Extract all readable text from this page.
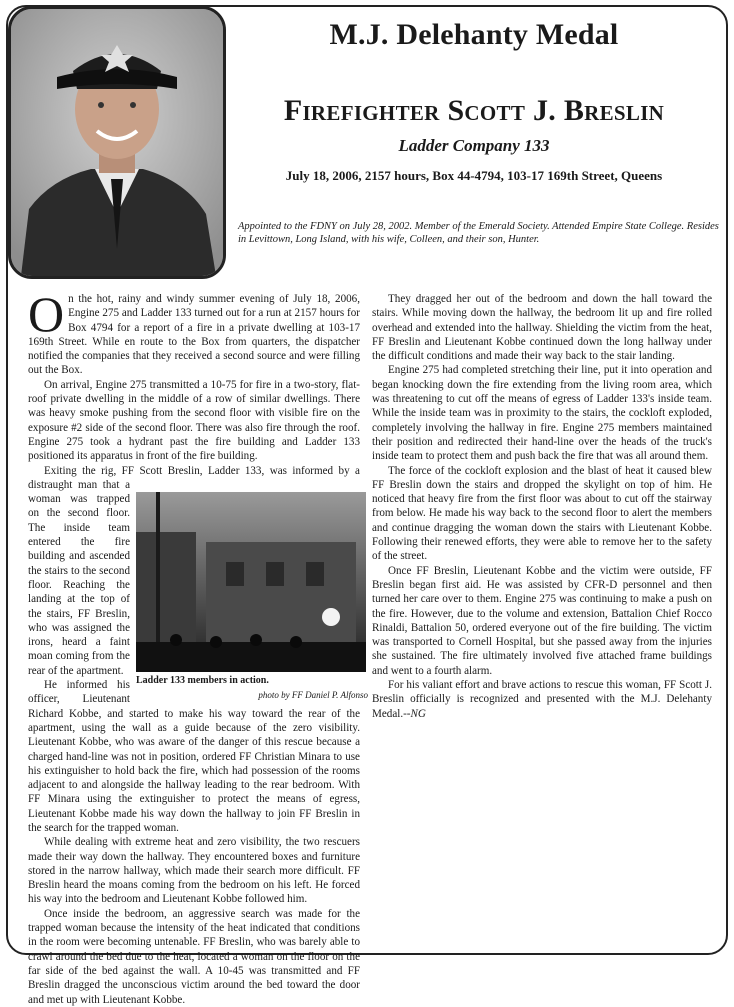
M.J. Delehanty Medal
Firefighter Scott J. Breslin
Ladder Company 133
July 18, 2006, 2157 hours, Box 44-4794, 103-17 169th Street, Queens
Appointed to the FDNY on July 28, 2002. Member of the Emerald Society. Attended Empire State College. Resides in Levittown, Long Island, with his wife, Colleen, and their son, Hunter.

On the hot, rainy and windy summer evening of July 18, 2006, Engine 275 and Ladder 133 turned out for a run at 2157 hours for Box 4794 for a report of a fire in a private dwelling at 103-17 169th Street. While en route to the Box from quarters, the dispatcher notified the companies that they received a second source and were filling out the Box.

On arrival, Engine 275 transmitted a 10-75 for fire in a two-story, flat-roof private dwelling in the middle of a row of similar dwellings. There was heavy smoke pushing from the second floor with visible fire on the exposure #2 side of the second floor. There was also fire through the roof. Engine 275 took a hydrant past the fire building and Ladder 133 positioned its apparatus in front of the fire building.

Ladder 133 members in action.
photo by FF Daniel P. Alfonso

Exiting the rig, FF Scott Breslin, Ladder 133, was informed by a distraught man that a woman was trapped on the second floor. The inside team entered the fire building and ascended the stairs to the second floor. Reaching the landing at the top of the stairs, FF Breslin, who was assigned the irons, heard a faint moan coming from the rear of the apartment.

He informed his officer, Lieutenant Richard Kobbe, and started to make his way toward the rear of the apartment, using the wall as a guide because of the zero visibility. Lieutenant Kobbe, who was aware of the danger of this rescue because a charged hand-line was not in position, ordered FF Christian Minara to use his extinguisher to hold back the fire, which had possession of the rooms adjacent to and alongside the hallway leading to the rear bedroom. With FF Minara using the extinguisher to protect the means of egress, Lieutenant Kobbe made his way down the hallway to join FF Breslin in the search for the trapped woman.

While dealing with extreme heat and zero visibility, the two rescuers made their way down the hallway. They encountered boxes and furniture stored in the narrow hallway, which made their search more difficult. FF Breslin heard the moans coming from the bedroom on his left. He forced his way into the bedroom and Lieutenant Kobbe followed him.

Once inside the bedroom, an aggressive search was made for the trapped woman because the intensity of the heat indicated that conditions in the room were becoming untenable. FF Breslin, who was barely able to crawl around the bed due to the heat, located a woman on the floor on the far side of the bed against the wall. A 10-45 was transmitted and FF Breslin dragged the unconscious victim around the bed toward the door and met up with Lieutenant Kobbe.

They dragged her out of the bedroom and down the hall toward the stairs. While moving down the hallway, the bedroom lit up and fire rolled overhead and extended into the hallway. Shielding the victim from the heat, FF Breslin and Lieutenant Kobbe continued down the long hallway under the difficult conditions and made their way back to the stair landing.

Engine 275 had completed stretching their line, put it into operation and began knocking down the fire extending from the living room area, which was threatening to cut off the means of egress of Ladder 133's inside team. While the inside team was in proximity to the stairs, the cockloft exploded, completely involving the hallway in fire. Engine 275 members maintained their position and redirected their hand-line over the heads of the truck's inside team to protect them and push back the fire that was all around them.

The force of the cockloft explosion and the blast of heat it caused blew FF Breslin down the stairs and dropped the skylight on top of him. He noticed that heavy fire from the first floor was about to cut off the stairway from below. He made his way back to the second floor to alert the members and continue dragging the woman down the stairs with Lieutenant Kobbe. Following their renewed efforts, they were able to remove her to the safety of the street.

Once FF Breslin, Lieutenant Kobbe and the victim were outside, FF Breslin began first aid. He was assisted by CFR-D personnel and then turned her care over to them. Engine 275 was continuing to make a push on the fire. However, due to the volume and extension, Battalion Chief Rocco Rinaldi, Battalion 50, ordered everyone out of the fire building. The victim was transported to Cornell Hospital, but she passed away from the injuries she sustained. The fire ultimately involved five attached frame buildings and went to a fourth alarm.

For his valiant effort and brave actions to rescue this woman, FF Scott J. Breslin officially is recognized and presented with the M.J. Delehanty Medal.--NG
